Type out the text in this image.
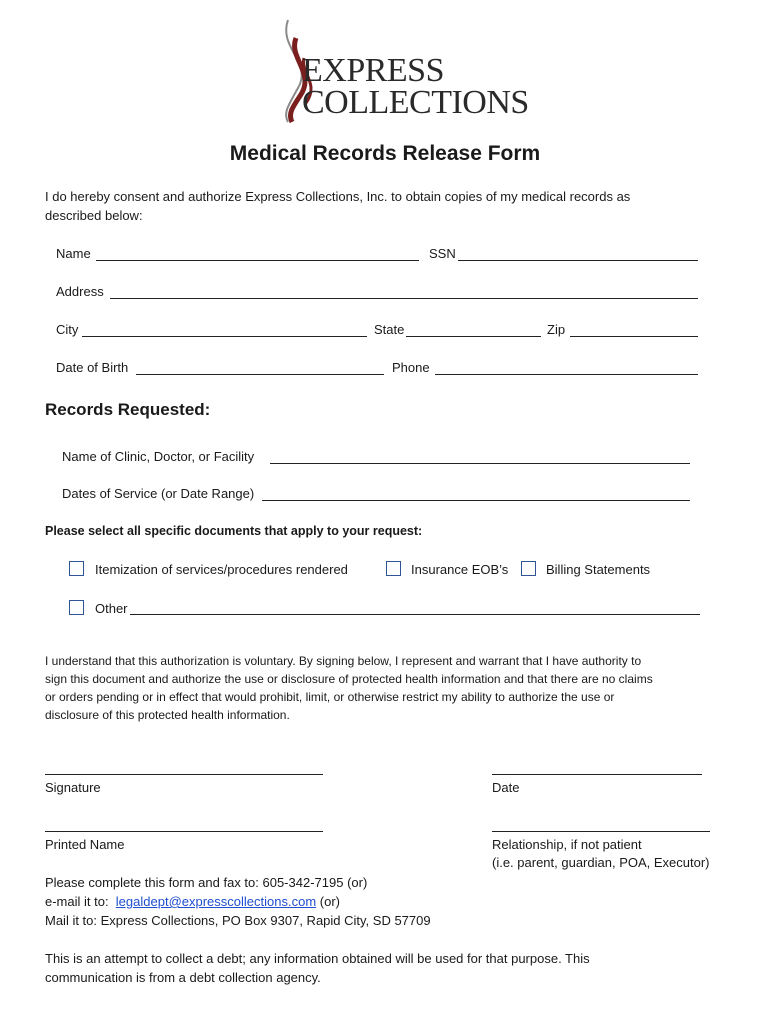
EXPRESS
COLLECTIONS
Medical Records Release Form
I do hereby consent and authorize Express Collections, Inc. to obtain copies of my medical records as
described below:
Name	SSN
Address
City	State	Zip
Date of Birth	Phone
Records Requested:
Name of Clinic, Doctor, or Facility
Dates of Service (or Date Range)
Please select all specific documents that apply to your request:
Itemization of services/procedures rendered	Insurance EOB’s	Billing Statements
Other
I understand that this authorization is voluntary. By signing below, I represent and warrant that I have authority to
sign this document and authorize the use or disclosure of protected health information and that there are no claims
or orders pending or in effect that would prohibit, limit, or otherwise restrict my ability to authorize the use or
disclosure of this protected health information.
Signature	Date
Printed Name	Relationship, if not patient
(i.e. parent, guardian, POA, Executor)
Please complete this form and fax to: 605-342-7195 (or)
e-mail it to:  legaldept@expresscollections.com (or)
Mail it to: Express Collections, PO Box 9307, Rapid City, SD 57709
This is an attempt to collect a debt; any information obtained will be used for that purpose. This
communication is from a debt collection agency.
